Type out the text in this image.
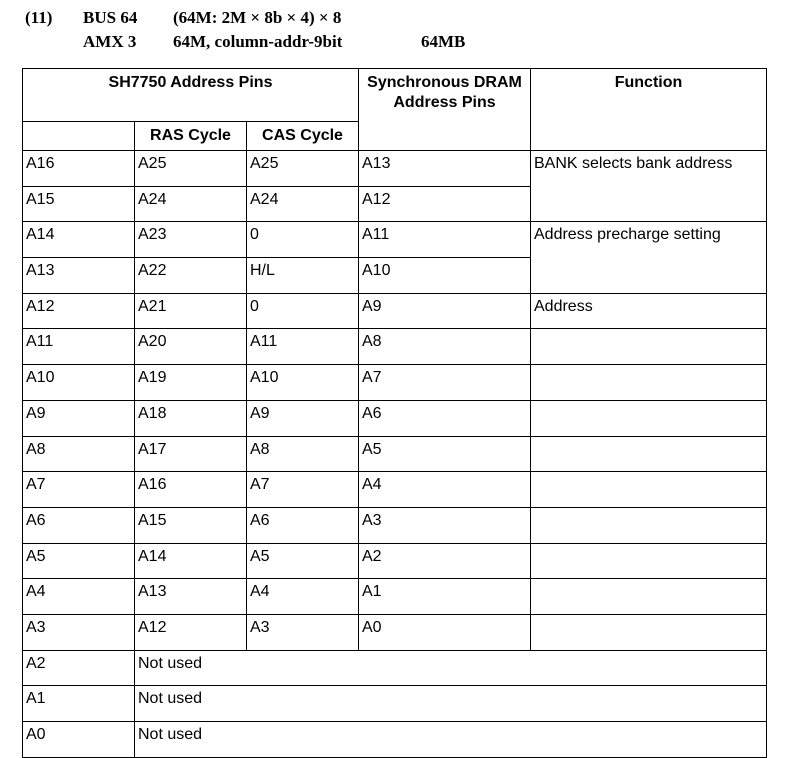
(11) BUS 64 (64M: 2M × 8b × 4) × 8
AMX 3 64M, column-addr-9bit	64MB
SH7750 Address Pins			Synchronous DRAM Address Pins	Function
	RAS Cycle	CAS Cycle		
A16	A25	A25	A13	BANK selects bank address
A15	A24	A24	A12	
A14	A23	0	A11	Address precharge setting
A13	A22	H/L	A10	
A12	A21	0	A9	Address
A11	A20	A11	A8	
A10	A19	A10	A7	
A9	A18	A9	A6	
A8	A17	A8	A5	
A7	A16	A7	A4	
A6	A15	A6	A3	
A5	A14	A5	A2	
A4	A13	A4	A1	
A3	A12	A3	A0	
A2	Not used			
A1	Not used			
A0	Not used			
